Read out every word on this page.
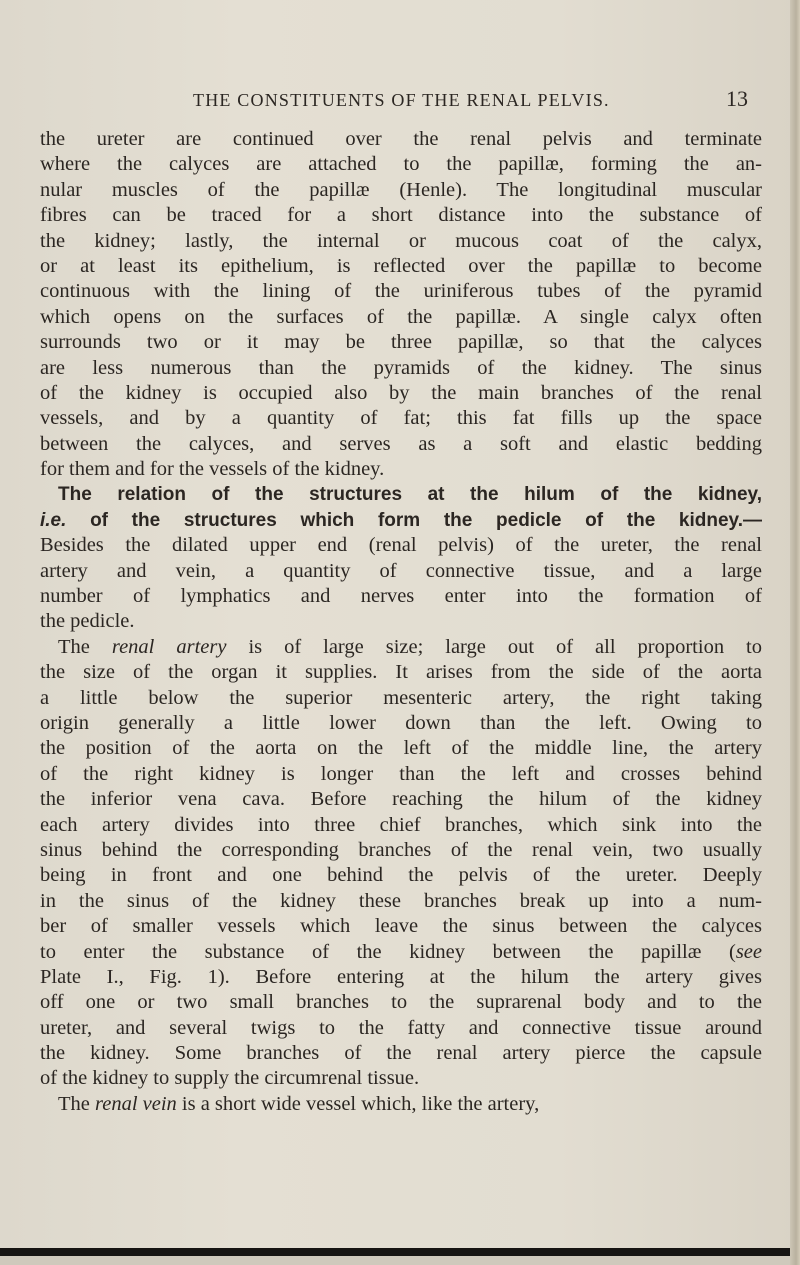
THE CONSTITUENTS OF THE RENAL PELVIS.	13
the ureter are continued over the renal pelvis and terminate
where the calyces are attached to the papillæ, forming the an-
nular muscles of the papillæ (Henle). The longitudinal muscular
fibres can be traced for a short distance into the substance of
the kidney; lastly, the internal or mucous coat of the calyx,
or at least its epithelium, is reflected over the papillæ to become
continuous with the lining of the uriniferous tubes of the pyramid
which opens on the surfaces of the papillæ. A single calyx often
surrounds two or it may be three papillæ, so that the calyces
are less numerous than the pyramids of the kidney. The sinus
of the kidney is occupied also by the main branches of the renal
vessels, and by a quantity of fat; this fat fills up the space
between the calyces, and serves as a soft and elastic bedding
for them and for the vessels of the kidney.
The relation of the structures at the hilum of the kidney,
i.e. of the structures which form the pedicle of the kidney.—
Besides the dilated upper end (renal pelvis) of the ureter, the renal
artery and vein, a quantity of connective tissue, and a large
number of lymphatics and nerves enter into the formation of
the pedicle.
The renal artery is of large size; large out of all proportion to
the size of the organ it supplies. It arises from the side of the aorta
a little below the superior mesenteric artery, the right taking
origin generally a little lower down than the left. Owing to
the position of the aorta on the left of the middle line, the artery
of the right kidney is longer than the left and crosses behind
the inferior vena cava. Before reaching the hilum of the kidney
each artery divides into three chief branches, which sink into the
sinus behind the corresponding branches of the renal vein, two usually
being in front and one behind the pelvis of the ureter. Deeply
in the sinus of the kidney these branches break up into a num-
ber of smaller vessels which leave the sinus between the calyces
to enter the substance of the kidney between the papillæ (see
Plate I., Fig. 1). Before entering at the hilum the artery gives
off one or two small branches to the suprarenal body and to the
ureter, and several twigs to the fatty and connective tissue around
the kidney. Some branches of the renal artery pierce the capsule
of the kidney to supply the circumrenal tissue.
The renal vein is a short wide vessel which, like the artery,
